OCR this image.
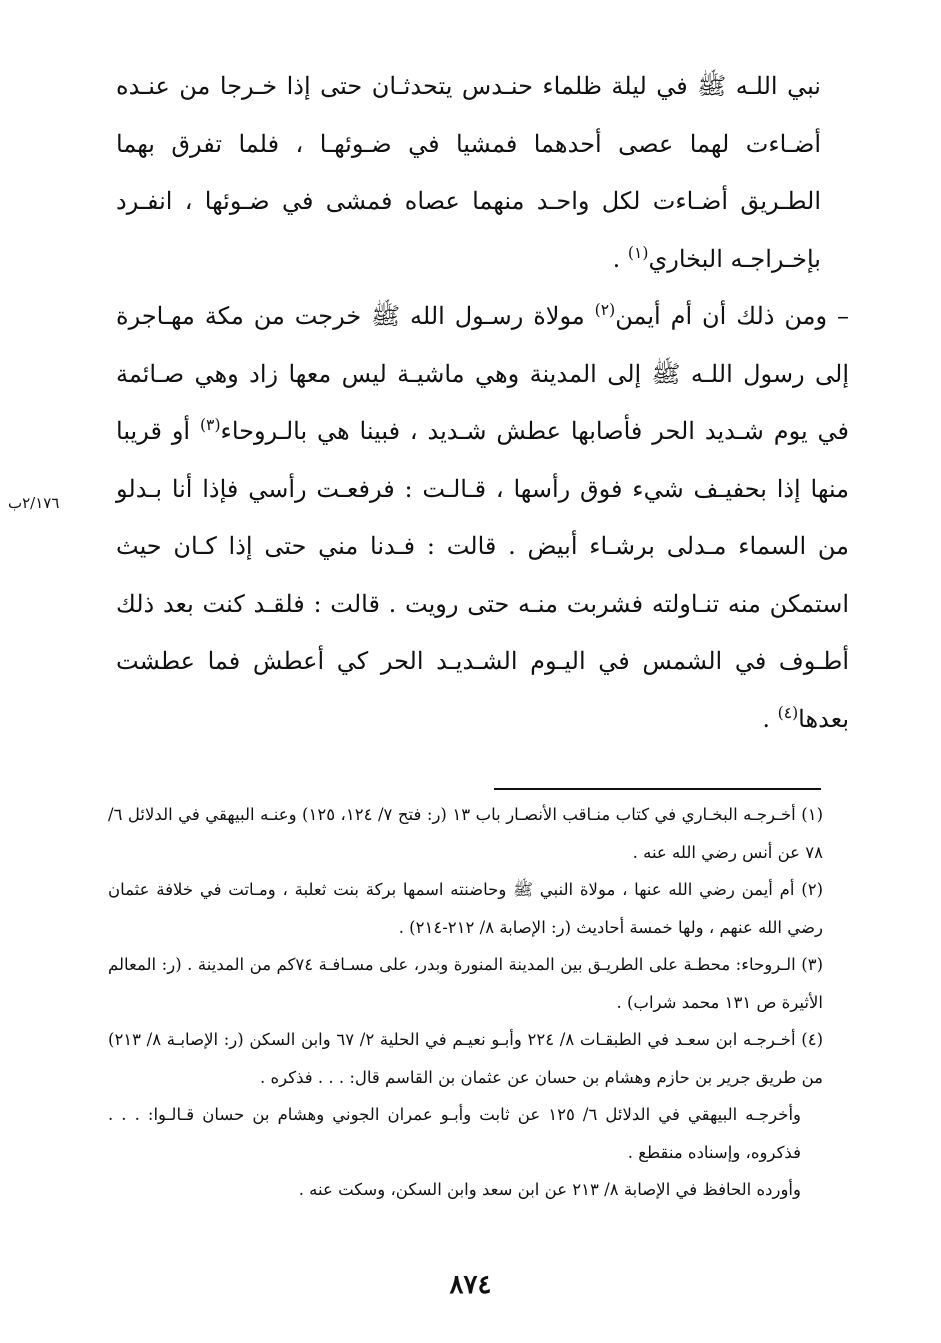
نبي اللـه ﷺ في ليلة ظلماء حنـدس يتحدثـان حتى إذا خـرجا من عنـده أضـاءت لهما عصى أحدهما فمشيا في ضـوئهـا ، فلما تفرق بهما الطـريق أضـاءت لكل واحـد منهما عصاه فمشى في ضـوئها ، انفـرد بإخـراجـه البخاري$^{(١)}$ .

– ومن ذلك أن أم أيمن$^{(٢)}$ مولاة رسـول الله ﷺ خرجت من مكة مهـاجرة إلى رسول اللـه ﷺ إلى المدينة وهي ماشيـة ليس معها زاد وهي صـائمة في يوم شـديد الحر فأصابها عطش شـديد ، فبينا هي بالـروحاء$^{(٣)}$ أو قريبا منها إذا بحفيـف شيء فوق رأسها ، قـالـت : فرفعـت رأسي فإذا أنا بـدلو من السماء مـدلى برشـاء أبيض . قالت : فـدنا مني حتى إذا كـان حيث استمكن منه تنـاولته فشربت منـه حتى رويت . قالت : فلقـد كنت بعد ذلك أطـوف في الشمس في اليـوم الشـديـد الحر كي أعطش فما عطشت بعدها$^{(٤)}$ .

٢/١٧٦ب

(١) أخـرجـه البخـاري في كتاب منـاقب الأنصـار باب ١٣ (ر: فتح ٧/ ١٢٤، ١٢٥) وعنـه البيهقي في الدلائل ٦/ ٧٨ عن أنس رضي الله عنه .

(٢) أم أيمن رضي الله عنها ، مولاة النبي ﷺ وحاضنته اسمها بركة بنت ثعلبة ، ومـاتت في خلافة عثمان رضي الله عنهم ، ولها خمسة أحاديث (ر: الإصابة ٨/ ٢١٢-٢١٤) .

(٣) الـروحاء: محطـة على الطريـق بين المدينة المنورة وبدر، على مسـافـة ٧٤كم من المدينة . (ر: المعالم الأثيرة ص ١٣١ محمد شراب) .

(٤) أخـرجـه ابن سعـد في الطبقـات ٨/ ٢٢٤ وأبـو نعيـم في الحلية ٢/ ٦٧ وابن السكن (ر: الإصابـة ٨/ ٢١٣) من طريق جرير بن حازم وهشام بن حسان عن عثمان بن القاسم قال: . . . فذكره .

وأخرجـه البيهقي في الدلائل ٦/ ١٢٥ عن ثابت وأبـو عمران الجوني وهشام بن حسان قـالـوا: . . . فذكروه، وإسناده منقطع .

وأورده الحافظ في الإصابة ٨/ ٢١٣ عن ابن سعد وابن السكن، وسكت عنه .

٨٧٤
